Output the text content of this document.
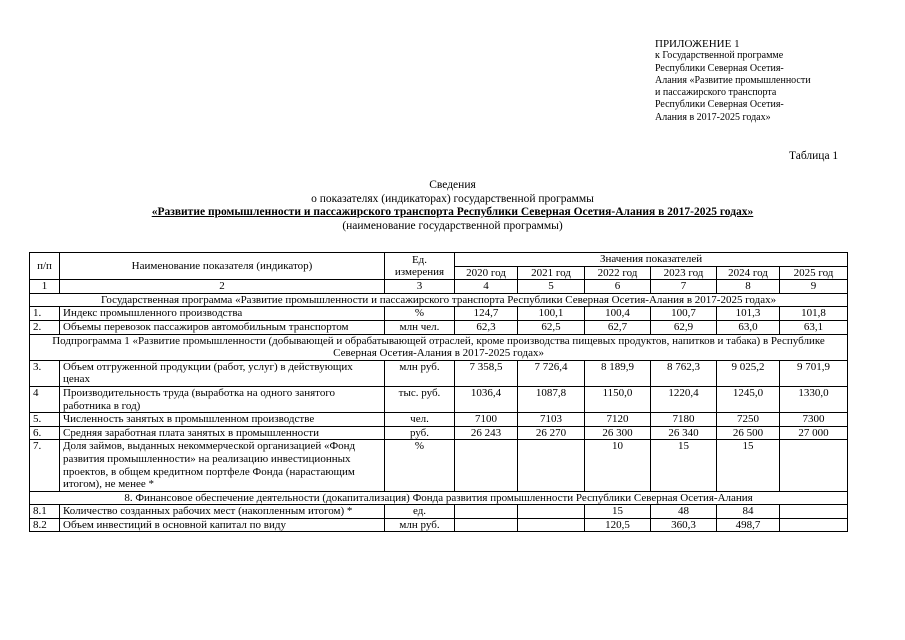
ПРИЛОЖЕНИЕ 1
к Государственной программе
Республики Северная Осетия-
Алания «Развитие промышленности
и пассажирского транспорта
Республики Северная Осетия-
Алания в 2017-2025 годах»
Таблица 1
Сведения
о показателях (индикаторах) государственной программы
«Развитие промышленности и пассажирского транспорта Республики Северная Осетия-Алания в 2017-2025 годах»
(наименование государственной программы)
п/п	Наименование показателя (индикатор)	Ед. измерения	Значения показателей					
			2020 год	2021 год	2022 год	2023 год	2024 год	2025 год
1	2	3	4	5	6	7	8	9
Государственная программа «Развитие промышленности и пассажирского транспорта Республики Северная Осетия-Алания в 2017-2025 годах»								
1.	Индекс промышленного производства	%	124,7	100,1	100,4	100,7	101,3	101,8
2.	Объемы перевозок пассажиров автомобильным транспортом	млн чел.	62,3	62,5	62,7	62,9	63,0	63,1
Подпрограмма 1 «Развитие промышленности (добывающей и обрабатывающей отраслей, кроме производства пищевых продуктов, напитков и табака) в Республике Северная Осетия-Алания в 2017-2025 годах»								
3.	Объем отгруженной продукции (работ, услуг) в действующих ценах	млн руб.	7 358,5	7 726,4	8 189,9	8 762,3	9 025,2	9 701,9
4	Производительность труда (выработка на одного занятого работника в год)	тыс. руб.	1036,4	1087,8	1150,0	1220,4	1245,0	1330,0
5.	Численность занятых в промышленном производстве	чел.	7100	7103	7120	7180	7250	7300
6.	Средняя заработная плата занятых в промышленности	руб.	26 243	26 270	26 300	26 340	26 500	27 000
7.	Доля займов, выданных некоммерческой организацией «Фонд развития промышленности» на реализацию инвестиционных проектов, в общем кредитном портфеле Фонда (нарастающим итогом), не менее *	%			10	15	15	
8. Финансовое обеспечение деятельности (докапитализация) Фонда развития промышленности Республики Северная Осетия-Алания								
8.1	Количество созданных рабочих мест (накопленным итогом) *	ед.			15	48	84	
8.2	Объем инвестиций в основной капитал по виду	млн руб.			120,5	360,3	498,7	
